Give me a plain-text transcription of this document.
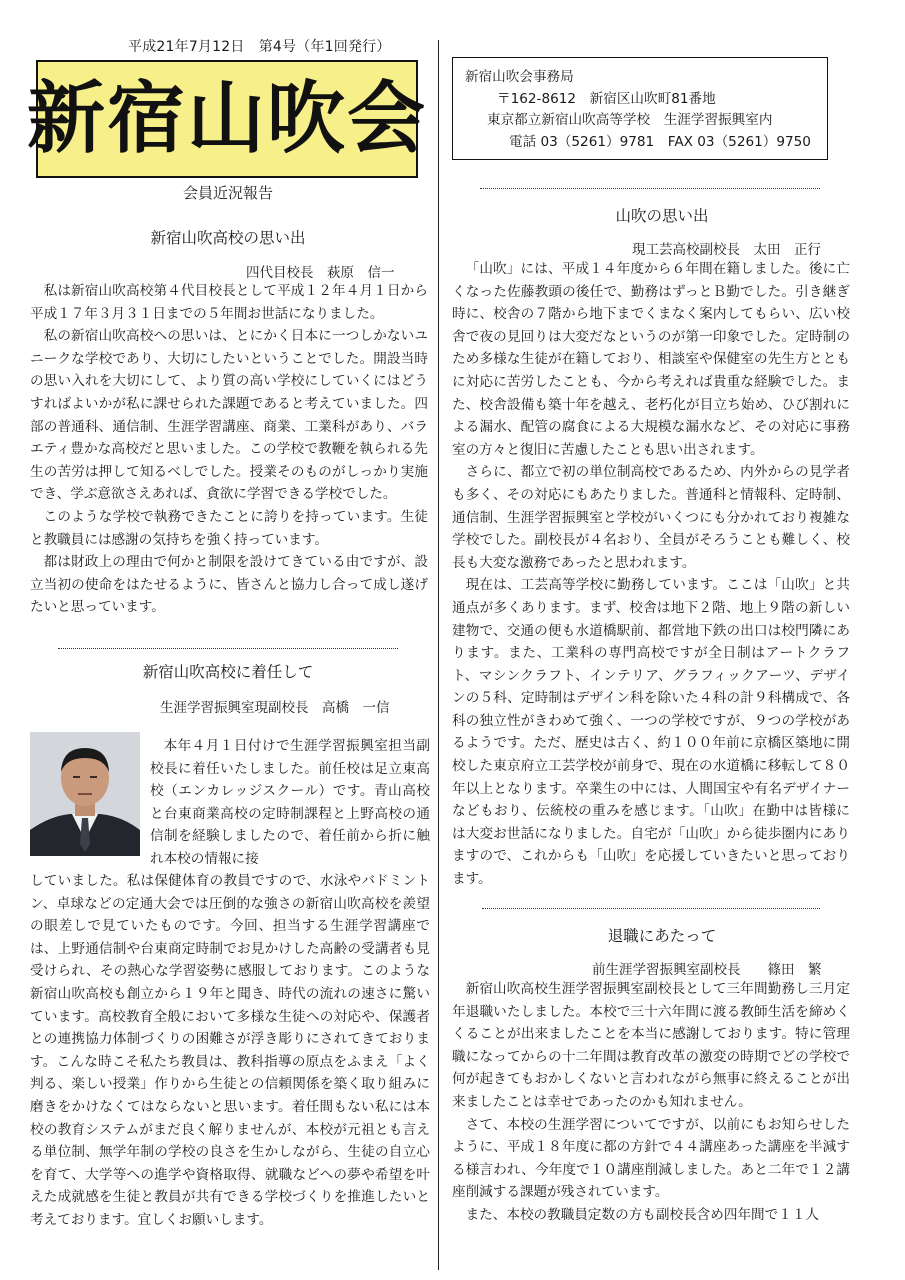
平成21年7月12日　第4号（年1回発行）
新宿山吹会
会員近況報告
新宿山吹高校の思い出
四代目校長　萩原　信一

私は新宿山吹高校第４代目校長として平成１２年４月１日から平成１７年３月３１日までの５年間お世話になりました。

私の新宿山吹高校への思いは、とにかく日本に一つしかないユニークな学校であり、大切にしたいということでした。開設当時の思い入れを大切にして、より質の高い学校にしていくにはどうすればよいかが私に課せられた課題であると考えていました。四部の普通科、通信制、生涯学習講座、商業、工業科があり、バラエティ豊かな高校だと思いました。この学校で教鞭を執られる先生の苦労は押して知るべしでした。授業そのものがしっかり実施でき、学ぶ意欲さえあれば、貪欲に学習できる学校でした。

このような学校で執務できたことに誇りを持っています。生徒と教職員には感謝の気持ちを強く持っています。

都は財政上の理由で何かと制限を設けてきている由ですが、設立当初の使命をはたせるように、皆さんと協力し合って成し遂げたいと思っています。

新宿山吹高校に着任して
生涯学習振興室現副校長　高橋　一信

本年４月１日付けで生涯学習振興室担当副校長に着任いたしました。前任校は足立東高校（エンカレッジスクール）です。青山高校と台東商業高校の定時制課程と上野高校の通信制を経験しましたので、着任前から折に触れ本校の情報に接

していました。私は保健体育の教員ですので、水泳やバドミントン、卓球などの定通大会では圧倒的な強さの新宿山吹高校を羨望の眼差しで見ていたものです。今回、担当する生涯学習講座では、上野通信制や台東商定時制でお見かけした高齢の受講者も見受けられ、その熱心な学習姿勢に感服しております。このような新宿山吹高校も創立から１９年と聞き、時代の流れの速さに驚いています。高校教育全般において多様な生徒への対応や、保護者との連携協力体制づくりの困難さが浮き彫りにされてきております。こんな時こそ私たち教員は、教科指導の原点をふまえ「よく判る、楽しい授業」作りから生徒との信頼関係を築く取り組みに磨きをかけなくてはならないと思います。着任間もない私には本校の教育システムがまだ良く解りませんが、本校が元祖とも言える単位制、無学年制の学校の良さを生かしながら、生徒の自立心を育て、大学等への進学や資格取得、就職などへの夢や希望を叶えた成就感を生徒と教員が共有できる学校づくりを推進したいと考えております。宜しくお願いします。

新宿山吹会事務局
〒162-8612　新宿区山吹町81番地
東京都立新宿山吹高等学校　生涯学習振興室内
電話 03（5261）9781　FAX 03（5261）9750
山吹の思い出
現工芸高校副校長　太田　正行

「山吹」には、平成１４年度から６年間在籍しました。後に亡くなった佐藤教頭の後任で、勤務はずっとＢ勤でした。引き継ぎ時に、校舎の７階から地下までくまなく案内してもらい、広い校舎で夜の見回りは大変だなというのが第一印象でした。定時制のため多様な生徒が在籍しており、相談室や保健室の先生方とともに対応に苦労したことも、今から考えれば貴重な経験でした。また、校舎設備も築十年を越え、老朽化が目立ち始め、ひび割れによる漏水、配管の腐食による大規模な漏水など、その対応に事務室の方々と復旧に苦慮したことも思い出されます。

さらに、都立で初の単位制高校であるため、内外からの見学者も多く、その対応にもあたりました。普通科と情報科、定時制、通信制、生涯学習振興室と学校がいくつにも分かれており複雑な学校でした。副校長が４名おり、全員がそろうことも難しく、校長も大変な激務であったと思われます。

現在は、工芸高等学校に勤務しています。ここは「山吹」と共通点が多くあります。まず、校舎は地下２階、地上９階の新しい建物で、交通の便も水道橋駅前、都営地下鉄の出口は校門隣にあります。また、工業科の専門高校ですが全日制はアートクラフト、マシンクラフト、インテリア、グラフィックアーツ、デザインの５科、定時制はデザイン科を除いた４科の計９科構成で、各科の独立性がきわめて強く、一つの学校ですが、９つの学校があるようです。ただ、歴史は古く、約１００年前に京橋区築地に開校した東京府立工芸学校が前身で、現在の水道橋に移転して８０年以上となります。卒業生の中には、人間国宝や有名デザイナーなどもおり、伝統校の重みを感じます。「山吹」在勤中は皆様には大変お世話になりました。自宅が「山吹」から徒歩圏内にありますので、これからも「山吹」を応援していきたいと思っております。

退職にあたって
前生涯学習振興室副校長　　篠田　繁

新宿山吹高校生涯学習振興室副校長として三年間勤務し三月定年退職いたしました。本校で三十六年間に渡る教師生活を締めくくることが出来ましたことを本当に感謝しております。特に管理職になってからの十二年間は教育改革の激変の時期でどの学校で何が起きてもおかしくないと言われながら無事に終えることが出来ましたことは幸せであったのかも知れません。

さて、本校の生涯学習についてですが、以前にもお知らせしたように、平成１８年度に都の方針で４４講座あった講座を半減する様言われ、今年度で１０講座削減しました。あと二年で１２講座削減する課題が残されています。

また、本校の教職員定数の方も副校長含め四年間で１１人
